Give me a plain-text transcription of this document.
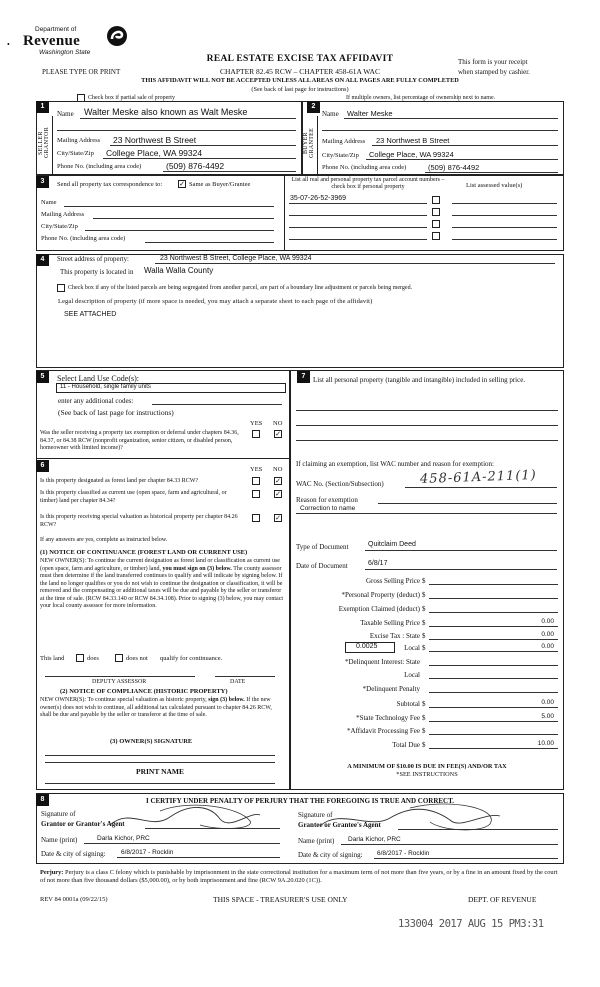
Department of
Revenue
Washington State
•
PLEASE TYPE OR PRINT
REAL ESTATE EXCISE TAX AFFIDAVIT
CHAPTER 82.45 RCW – CHAPTER 458-61A WAC
THIS AFFIDAVIT WILL NOT BE ACCEPTED UNLESS ALL AREAS ON ALL PAGES ARE FULLY COMPLETED
(See back of last page for instructions)
This form is your receipt
when stamped by cashier.
Check box if partial sale of property	If multiple owners, list percentage of ownership next to name.
1	2
SELLER GRANTOR	BUYER GRANTEE
Name Walter Meske also known as Walt Meske
Mailing Address 23 Northwest B Street
City/State/Zip College Place, WA 99324
Phone No. (including area code)	(509) 876-4492
Name Walter Meske
Mailing Address 23 Northwest B Street
City/State/Zip College Place, WA 99324
Phone No. (including area code)	(509) 876-4492
3	Send all property tax correspondence to: ✓ Same as Buyer/Grantee
Name
Mailing Address
City/State/Zip
Phone No. (including area code)
List all real and personal property tax parcel account numbers – check box if personal property	List assessed value(s)
35-07-26-52-3969
4	Street address of property:	23 Northwest B Street, College Place, WA 99324
This property is located in Walla Walla County
Check box if any of the listed parcels are being segregated from another parcel, are part of a boundary line adjustment or parcels being merged.
Legal description of property (if more space is needed, you may attach a separate sheet to each page of the affidavit)
SEE ATTACHED
5	7
Select Land Use Code(s):
11 - Household, single family units
enter any additional codes:
(See back of last page for instructions)
YES NO
Was the seller receiving a property tax exemption or deferral under chapters 84.36, 84.37, or 84.38 RCW (nonprofit organization, senior citizen, or disabled person, homeowner with limited income)?
✓
6
YES NO
Is this property designated as forest land per chapter 84.33 RCW?	✓
Is this property classified as current use (open space, farm and agricultural, or timber) land per chapter 84.34?
✓
Is this property receiving special valuation as historical property per chapter 84.26 RCW?
✓
If any answers are yes, complete as instructed below.
(1) NOTICE OF CONTINUANCE (FOREST LAND OR CURRENT USE)
NEW OWNER(S): To continue the current designation as forest land or classification as current use (open space, farm and agriculture, or timber) land, you must sign on (3) below. The county assessor must then determine if the land transferred continues to qualify and will indicate by signing below. If the land no longer qualifies or you do not wish to continue the designation or classification, it will be removed and the compensating or additional taxes will be due and payable by the seller or transferor at the time of sale. (RCW 84.33.140 or RCW 84.34.108). Prior to signing (3) below, you may contact your local county assessor for more information.
This land	does	does not qualify for continuance.
DEPUTY ASSESSOR	DATE
(2) NOTICE OF COMPLIANCE (HISTORIC PROPERTY)
NEW OWNER(S): To continue special valuation as historic property, sign (3) below. If the new owner(s) does not wish to continue, all additional tax calculated pursuant to chapter 84.26 RCW, shall be due and payable by the seller or transferor at the time of sale.
(3) OWNER(S) SIGNATURE
PRINT NAME
List all personal property (tangible and intangible) included in selling price.
If claiming an exemption, list WAC number and reason for exemption:
WAC No. (Section/Subsection)	458-61A-211(1)
Reason for exemption
Correction to name
Type of Document	Quitclaim Deed
Date of Document	6/8/17
Gross Selling Price $
*Personal Property (deduct) $
Exemption Claimed (deduct) $
Taxable Selling Price $	0.00
Excise Tax : State $	0.00
0.0025	Local $	0.00
*Delinquent Interest: State
Local
*Delinquent Penalty
Subtotal $	0.00
*State Technology Fee $	5.00
*Affidavit Processing Fee $
Total Due $	10.00
A MINIMUM OF $10.00 IS DUE IN FEE(S) AND/OR TAX
*SEE INSTRUCTIONS
8	I CERTIFY UNDER PENALTY OF PERJURY THAT THE FOREGOING IS TRUE AND CORRECT.
Signature of
Grantor or Grantor's Agent
Name (print)	Darla Kichor, PRC
Date & city of signing: 6/8/2017 - Rocklin
Signature of
Grantee or Grantee's Agent
Name (print) Darla Kichor, PRC
Date & city of signing: 6/8/2017 - Rocklin
Perjury: Perjury is a class C felony which is punishable by imprisonment in the state correctional institution for a maximum term of not more than five years, or by a fine in an amount fixed by the court of not more than five thousand dollars ($5,000.00), or by both imprisonment and fine (RCW 9A.20.020 (1C)).
REV 84 0001a (09/22/15)	THIS SPACE - TREASURER'S USE ONLY	DEPT. OF REVENUE
133004 2017 AUG 15 PM3:31
